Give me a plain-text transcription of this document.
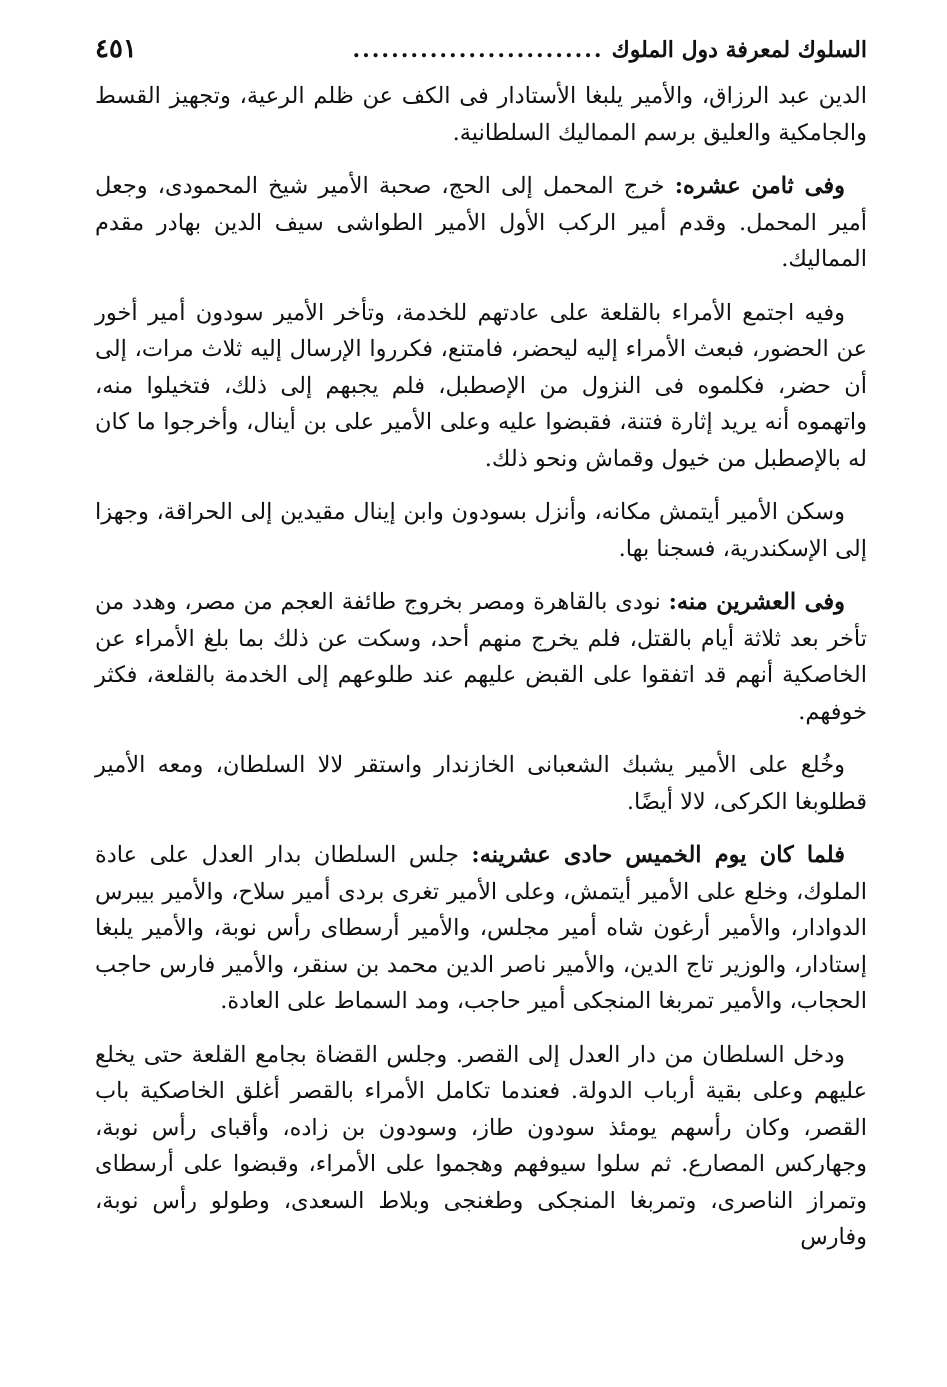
السلوك لمعرفة دول الملوك
..........................
٤٥١

الدين عبد الرزاق، والأمير يلبغا الأستادار فى الكف عن ظلم الرعية، وتجهيز القسط والجامكية والعليق برسم المماليك السلطانية.

وفى ثامن عشره: خرج المحمل إلى الحج، صحبة الأمير شيخ المحمودى، وجعل أمير المحمل. وقدم أمير الركب الأول الأمير الطواشى سيف الدين بهادر مقدم المماليك.

وفيه اجتمع الأمراء بالقلعة على عادتهم للخدمة، وتأخر الأمير سودون أمير أخور عن الحضور، فبعث الأمراء إليه ليحضر، فامتنع، فكرروا الإرسال إليه ثلاث مرات، إلى أن حضر، فكلموه فى النزول من الإصطبل، فلم يجبهم إلى ذلك، فتخيلوا منه، واتهموه أنه يريد إثارة فتنة، فقبضوا عليه وعلى الأمير على بن أينال، وأخرجوا ما كان له بالإصطبل من خيول وقماش ونحو ذلك.

وسكن الأمير أيتمش مكانه، وأنزل بسودون وابن إينال مقيدين إلى الحراقة، وجهزا إلى الإسكندرية، فسجنا بها.

وفى العشرين منه: نودى بالقاهرة ومصر بخروج طائفة العجم من مصر، وهدد من تأخر بعد ثلاثة أيام بالقتل، فلم يخرج منهم أحد، وسكت عن ذلك بما بلغ الأمراء عن الخاصكية أنهم قد اتفقوا على القبض عليهم عند طلوعهم إلى الخدمة بالقلعة، فكثر خوفهم.

وخُلع على الأمير يشبك الشعبانى الخازندار واستقر لالا السلطان، ومعه الأمير قطلوبغا الكركى، لالا أيضًا.

فلما كان يوم الخميس حادى عشرينه: جلس السلطان بدار العدل على عادة الملوك، وخلع على الأمير أيتمش، وعلى الأمير تغرى بردى أمير سلاح، والأمير بيبرس الدوادار، والأمير أرغون شاه أمير مجلس، والأمير أرسطاى رأس نوبة، والأمير يلبغا إستادار، والوزير تاج الدين، والأمير ناصر الدين محمد بن سنقر، والأمير فارس حاجب الحجاب، والأمير تمربغا المنجكى أمير حاجب، ومد السماط على العادة.

ودخل السلطان من دار العدل إلى القصر. وجلس القضاة بجامع القلعة حتى يخلع عليهم وعلى بقية أرباب الدولة. فعندما تكامل الأمراء بالقصر أغلق الخاصكية باب القصر، وكان رأسهم يومئذ سودون طاز، وسودون بن زاده، وأقباى رأس نوبة، وجهاركس المصارع. ثم سلوا سيوفهم وهجموا على الأمراء، وقبضوا على أرسطاى وتمراز الناصرى، وتمربغا المنجكى وطغنجى وبلاط السعدى، وطولو رأس نوبة، وفارس
